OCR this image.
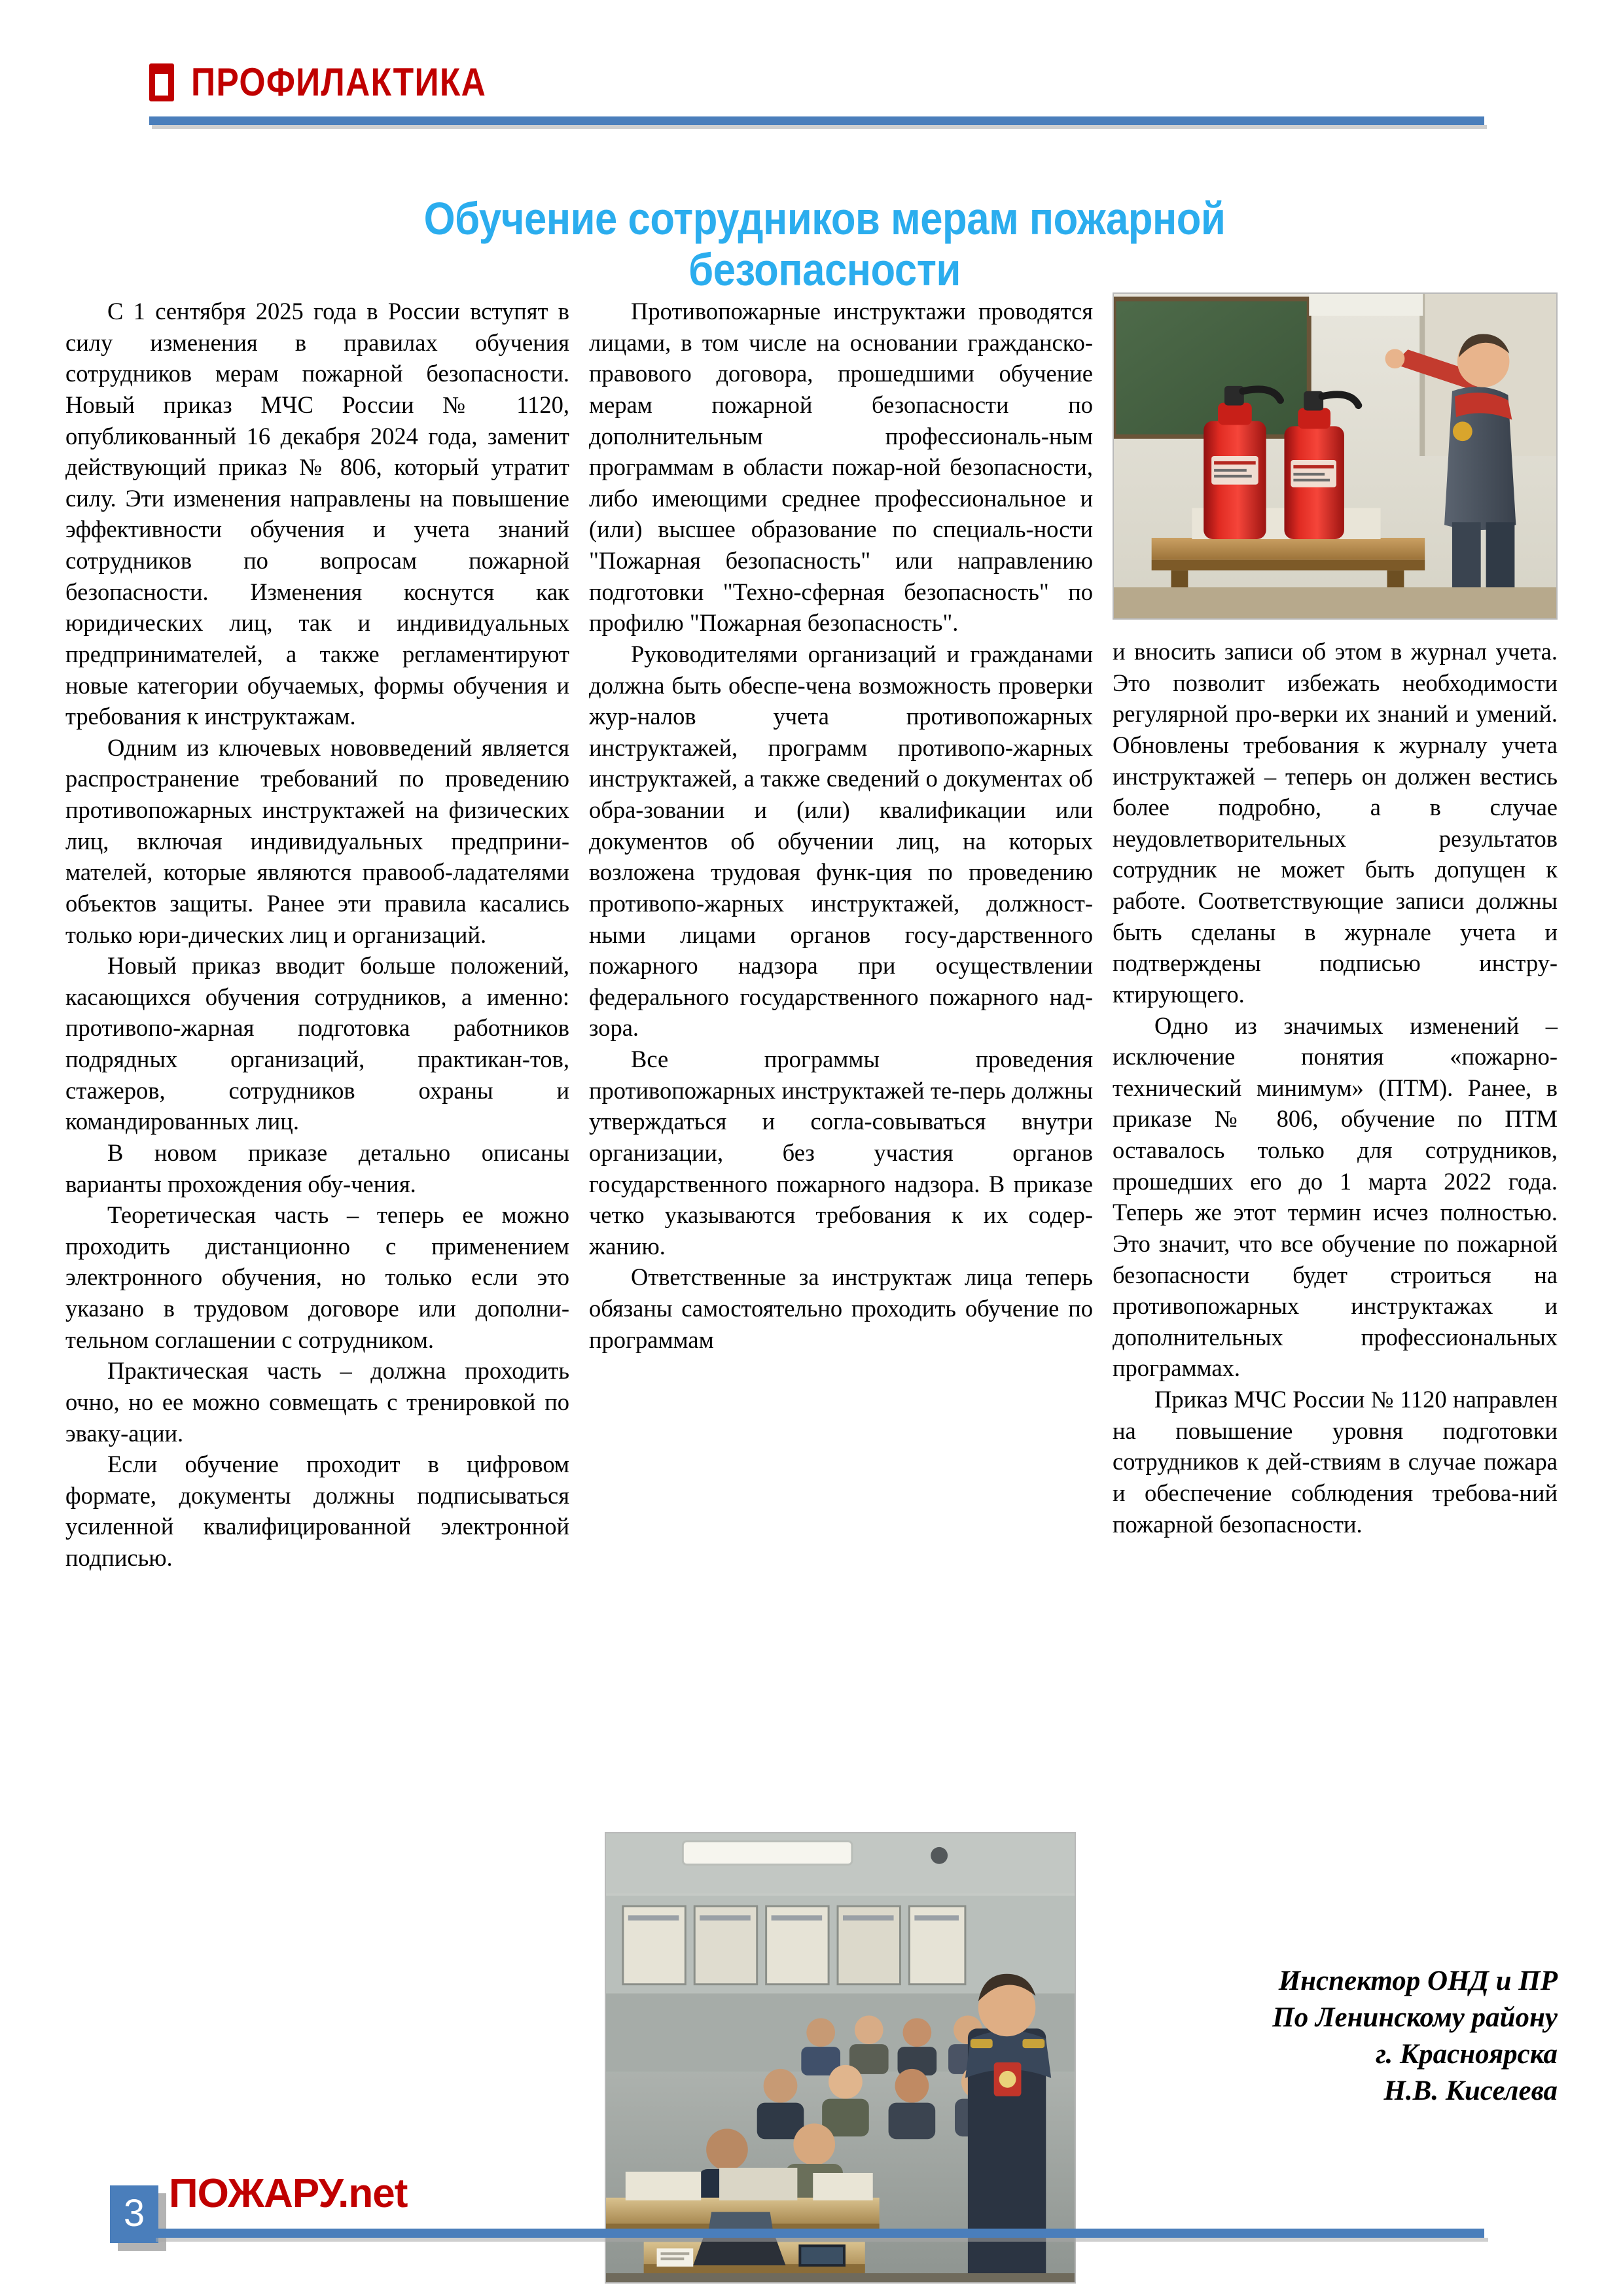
ПРОФИЛАКТИКА
Обучение сотрудников мерам пожарной безопасности

С 1 сентября 2025 года в России вступят в силу изменения в правилах обучения сотрудников мерам пожарной безопасности. Новый приказ МЧС России № 1120, опубликованный 16 декабря 2024 года, заменит действующий приказ № 806, который утратит силу. Эти изменения направлены на повышение эффективности обучения и учета знаний сотрудников по вопросам пожарной безопасности. Изменения коснутся как юридических лиц, так и индивидуальных предпринимателей, а также регламентируют новые категории обучаемых, формы обучения и требования к инструктажам.

Одним из ключевых нововведений является распространение требований по проведению противопожарных инструктажей на физических лиц, включая индивидуальных предприни-мателей, которые являются правооб-ладателями объектов защиты. Ранее эти правила касались только юри-дических лиц и организаций.

Новый приказ вводит больше положений, касающихся обучения сотрудников, а именно: противопо-жарная подготовка работников подрядных организаций, практикан-тов, стажеров, сотрудников охраны и командированных лиц.

В новом приказе детально описаны варианты прохождения обу-чения.

Теоретическая часть – теперь ее можно проходить дистанционно с применением электронного обучения, но только если это указано в трудовом договоре или дополни-тельном соглашении с сотрудником.

Практическая часть – должна проходить очно, но ее можно совмещать с тренировкой по эваку-ации.

Если обучение проходит в цифровом формате, документы должны подписываться усиленной квалифицированной электронной подписью.

Противопожарные инструктажи проводятся лицами, в том числе на основании гражданско-правового договора, прошедшими обучение мерам пожарной безопасности по дополнительным профессиональ-ным программам в области пожар-ной безопасности, либо имеющими среднее профессиональное и (или) высшее образование по специаль-ности "Пожарная безопасность" или направлению подготовки "Техно-сферная безопасность" по профилю "Пожарная безопасность".

Руководителями организаций и гражданами должна быть обеспе-чена возможность проверки жур-налов учета противопожарных инструктажей, программ противопо-жарных инструктажей, а также сведений о документах об обра-зовании и (или) квалификации или документов об обучении лиц, на которых возложена трудовая функ-ция по проведению противопо-жарных инструктажей, должност-ными лицами органов госу-дарственного пожарного надзора при осуществлении федерального государственного пожарного над-зора.

Все программы проведения противопожарных инструктажей те-перь должны утверждаться и согла-совываться внутри организации, без участия органов государственного пожарного надзора. В приказе четко указываются требования к их содер-жанию.

Ответственные за инструктаж лица теперь обязаны самостоятельно проходить обучение по программам

и вносить записи об этом в журнал учета. Это позволит избежать необходимости регулярной про-верки их знаний и умений. Обновлены требования к журналу учета инструктажей – теперь он должен вестись более подробно, а в случае неудовлетворительных результатов сотрудник не может быть допущен к работе. Соответствующие записи должны быть сделаны в журнале учета и подтверждены подписью инстру-ктирующего.

Одно из значимых изменений – исключение понятия «пожарно-технический минимум» (ПТМ). Ранее, в приказе № 806, обучение по ПТМ оставалось только для сотрудников, прошедших его до 1 марта 2022 года. Теперь же этот термин исчез полностью. Это значит, что все обучение по пожарной безопасности будет строиться на противопожарных инструктажах и дополнительных профессиональных программах.

Приказ МЧС России № 1120 направлен на повышение уровня подготовки сотрудников к дей-ствиям в случае пожара и обеспечение соблюдения требова-ний пожарной безопасности.

Инспектор ОНД и ПР
По Ленинскому району
г. Красноярска
Н.В. Киселева
3 ПОЖАРУ.net
